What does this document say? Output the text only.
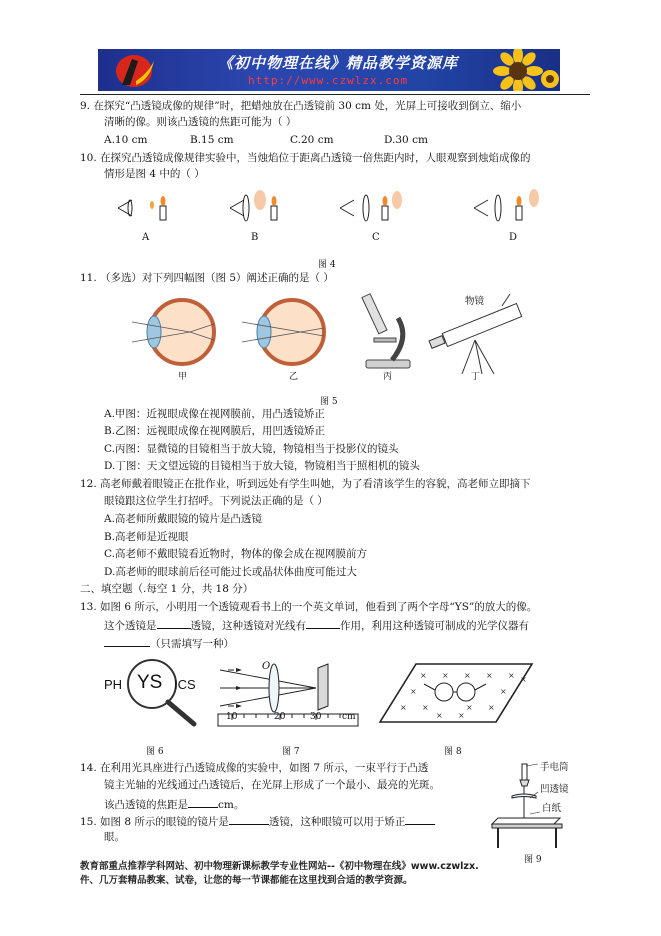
《初中物理在线》精品教学资源库
http://www.czwlzx.com
9. 在探究“凸透镜成像的规律”时，把蜡烛放在凸透镜前 30 cm 处，光屏上可接收到倒立、缩小
清晰的像。则该凸透镜的焦距可能为（ ）
A.10 cm	B.15 cm	C.20 cm	D.30 cm
10. 在探究凸透镜成像规律实验中，当烛焰位于距离凸透镜一倍焦距内时，人眼观察到烛焰成像的
情形是图 4 中的（ ）
A	B	C	D
图 4
11. （多选）对下列四幅图（图 5）阐述正确的是（ ）
物镜
甲	乙	丙	丁
图 5
A.甲图：近视眼成像在视网膜前，用凸透镜矫正
B.乙图：远视眼成像在视网膜后，用凹透镜矫正
C.丙图：显微镜的目镜相当于放大镜，物镜相当于投影仪的镜头
D.丁图：天文望远镜的目镜相当于放大镜，物镜相当于照相机的镜头
12. 高老师戴着眼镜正在批作业，听到远处有学生叫她，为了看清该学生的容貌，高老师立即摘下
眼镜跟这位学生打招呼。下列说法正确的是（ ）
A.高老师所戴眼镜的镜片是凸透镜
B.高老师是近视眼
C.高老师不戴眼镜看近物时，物体的像会成在视网膜前方
D.高老师的眼球前后径可能过长或晶状体曲度可能过大
二、填空题（.每空 1 分，共 18 分）
13. 如图 6 所示，小明用一个透镜观看书上的一个英文单词，他看到了两个字母“YS”的放大的像。
这个透镜是	透镜，这种透镜对光线有	作用，利用这种透镜可制成的光学仪器有
（只需填写一种）
PH YS ICS
图 6
O
10	20	30 cm
图 7
× × × × ×
×	×
×
× ×	× ×
× ×
图 8
14. 在利用光具座进行凸透镜成像的实验中，如图 7 所示，一束平行于凸透
镜主光轴的光线通过凸透镜后，在光屏上形成了一个最小、最亮的光斑。
该凸透镜的焦距是	cm。
15. 如图 8 所示的眼镜的镜片是	透镜，这种眼镜可以用于矫正
眼。
手电筒
凹透镜
白纸
图 9
教育部重点推荐学科网站、初中物理新课标教学专业性网站--《初中物理在线》www.czwlzx.
件、几万套精品教案、试卷，让您的每一节课都能在这里找到合适的教学资源。
